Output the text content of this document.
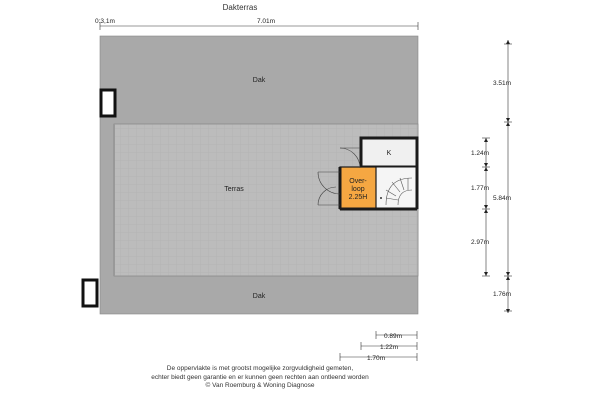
Dakterras
0:3,1m	7.01m
Dak
Terras
Dak
K
Over-
loop
2.25H
3.51m
5.84m
1.76m
1.24m
1.77m
2.97m
0.89m
1.22m
1.70m
De oppervlakte is met grootst mogelijke zorgvuldigheid gemeten,
echter biedt geen garantie en er kunnen geen rechten aan ontleend worden
© Van Roemburg & Woning Diagnose
